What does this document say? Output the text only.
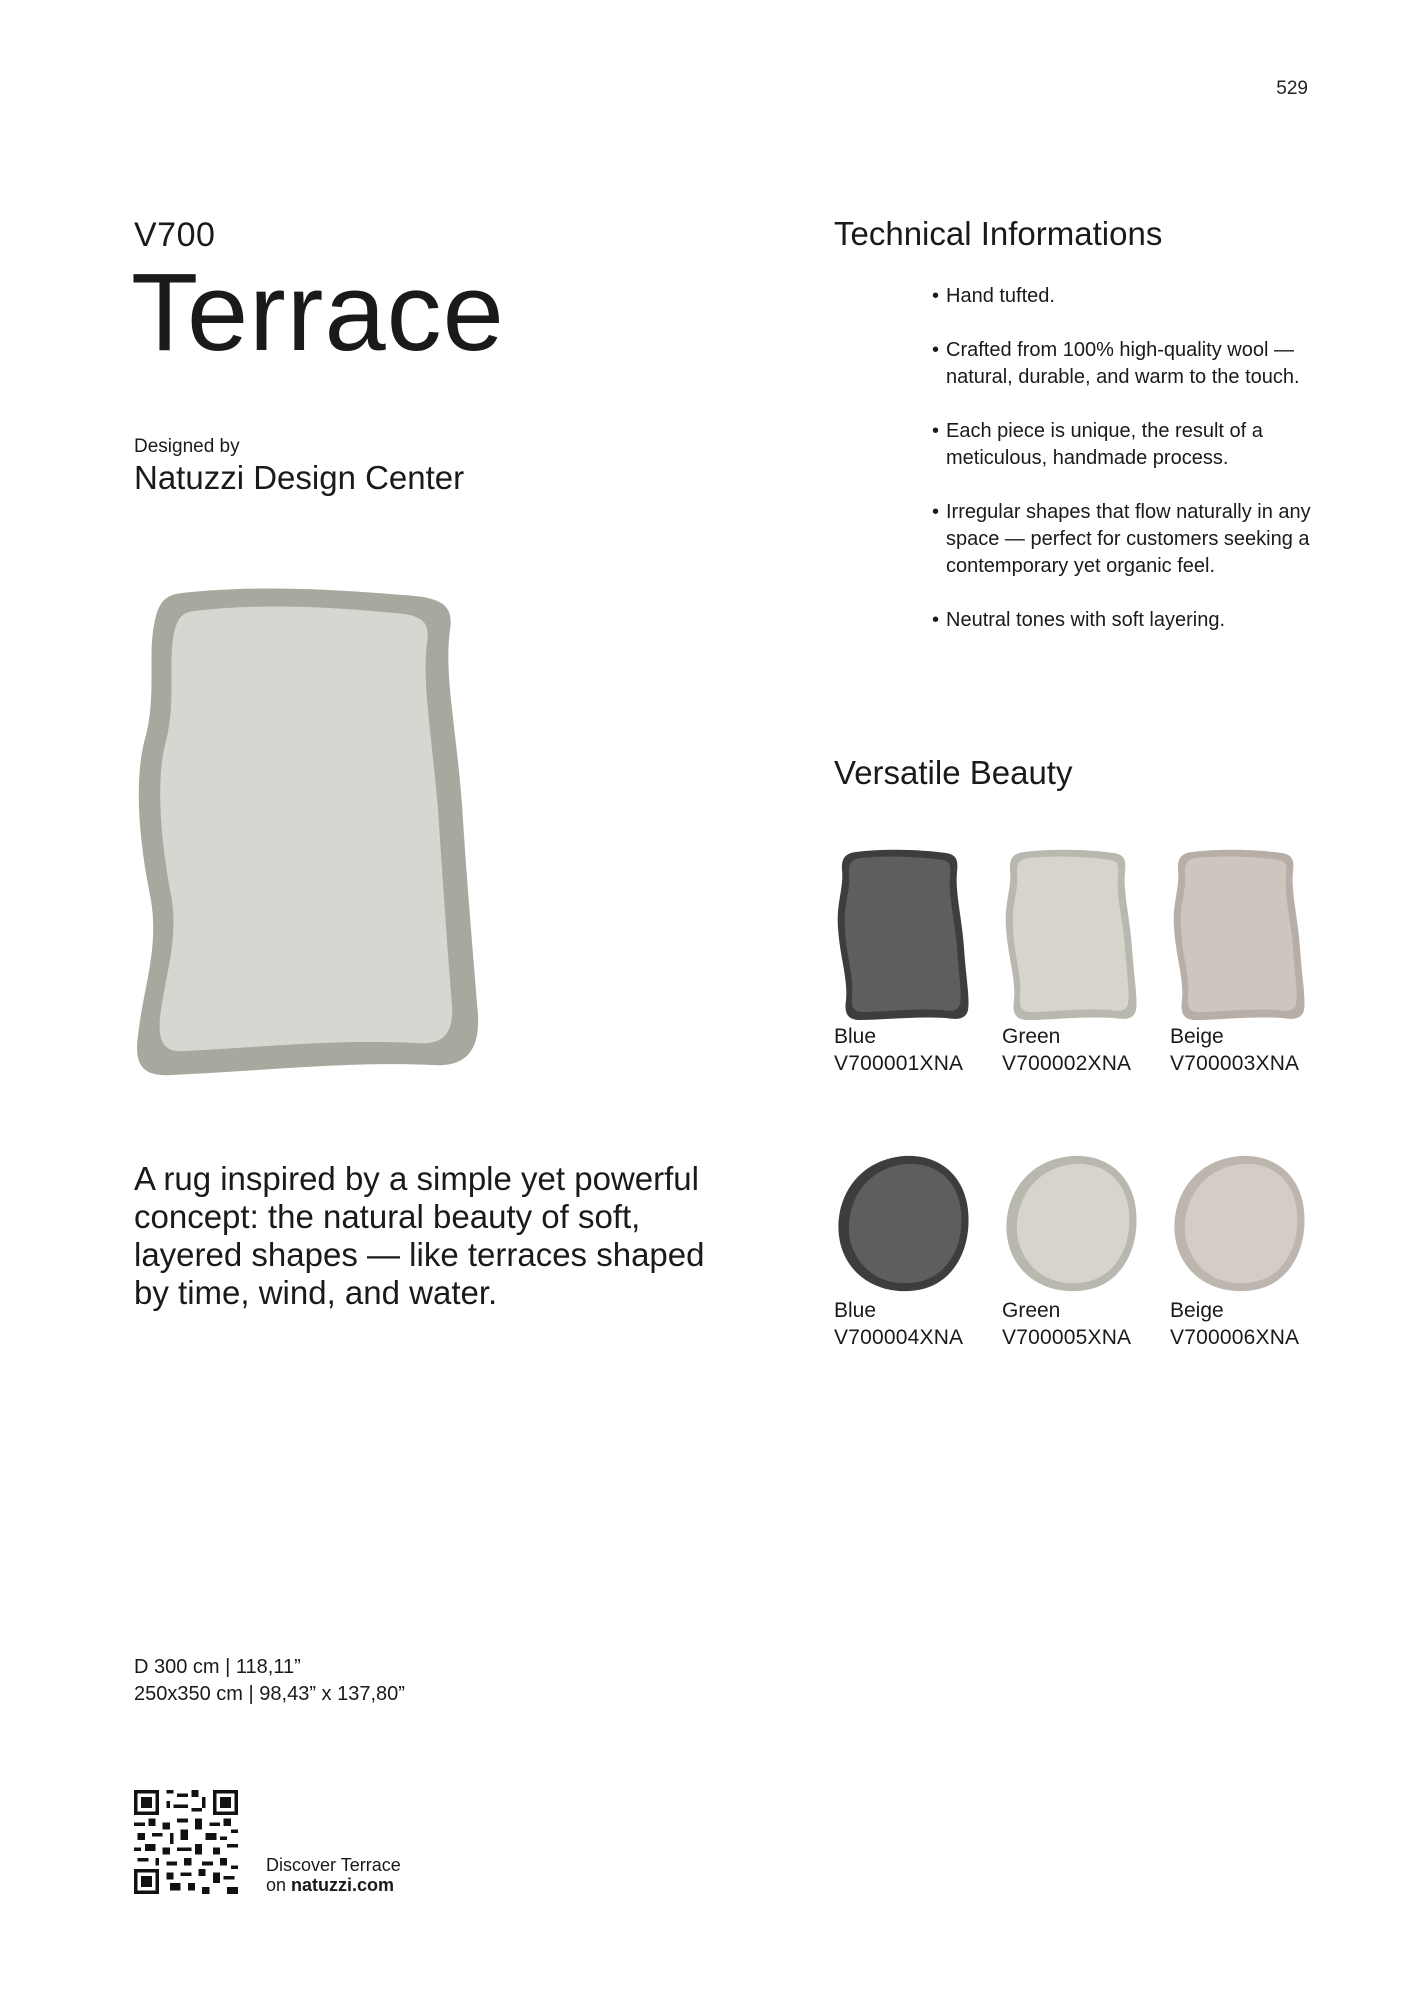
529
V700
Terrace
Designed by
Natuzzi Design Center
Technical Informations
• Hand tufted.
• Crafted from 100% high-quality wool — natural, durable, and warm to the touch.
• Each piece is unique, the result of a meticulous, handmade process.
• Irregular shapes that flow naturally in any space — perfect for customers seeking a contemporary yet organic feel.
• Neutral tones with soft layering.
Versatile Beauty
Blue
V700001XNA
Green
V700002XNA
Beige
V700003XNA
Blue
V700004XNA
Green
V700005XNA
Beige
V700006XNA
A rug inspired by a simple yet powerful concept: the natural beauty of soft, layered shapes — like terraces shaped by time, wind, and water.
D 300 cm | 118,11”
250x350 cm | 98,43” x 137,80”
Discover Terrace
on natuzzi.com
